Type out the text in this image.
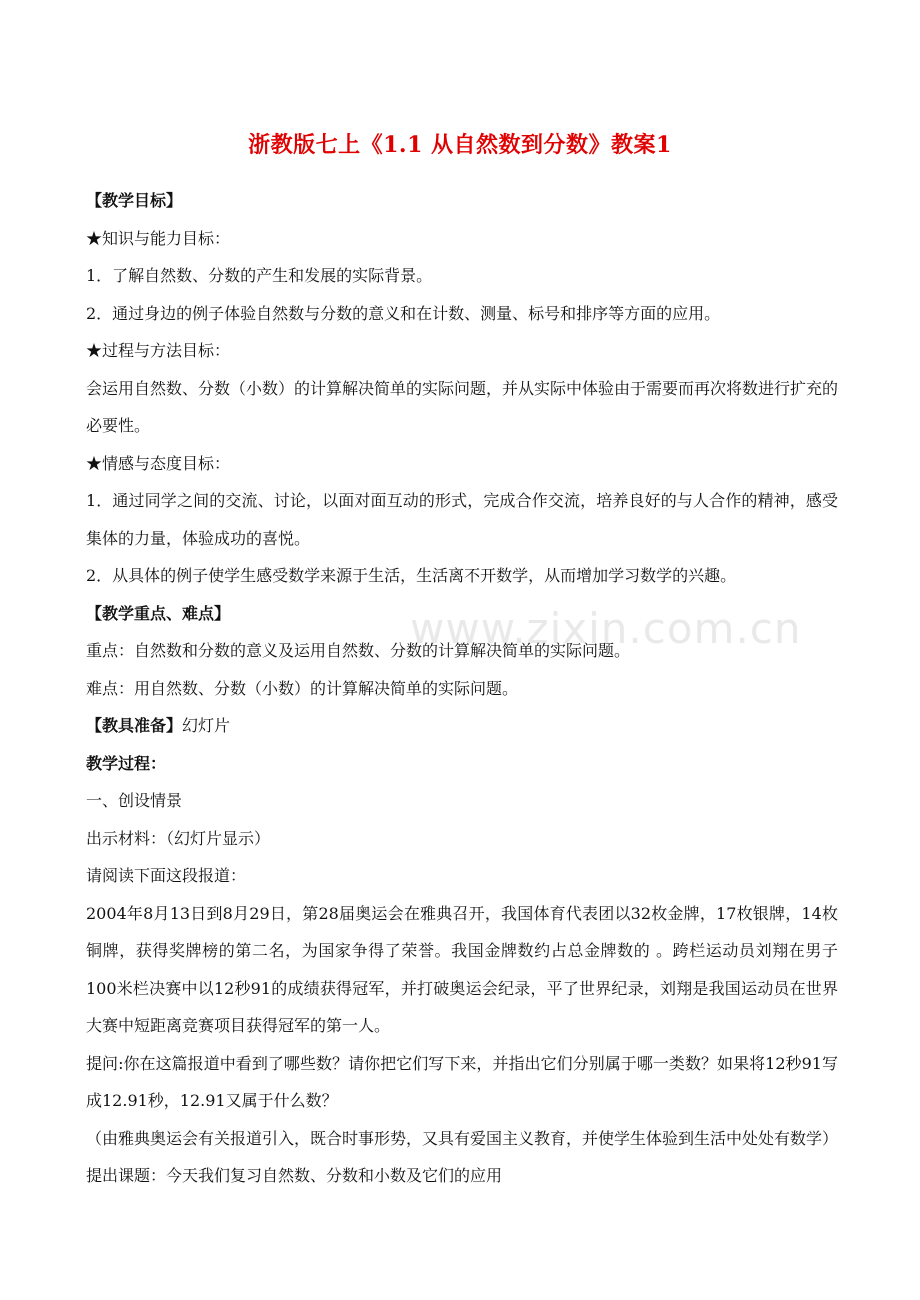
浙教版七上《1.1 从自然数到分数》教案1

【教学目标】

★知识与能力目标：

1．了解自然数、分数的产生和发展的实际背景。

2．通过身边的例子体验自然数与分数的意义和在计数、测量、标号和排序等方面的应用。

★过程与方法目标：

会运用自然数、分数（小数）的计算解决简单的实际问题，并从实际中体验由于需要而再次将数进行扩充的必要性。

★情感与态度目标：

1．通过同学之间的交流、讨论，以面对面互动的形式，完成合作交流，培养良好的与人合作的精神，感受集体的力量，体验成功的喜悦。

2．从具体的例子使学生感受数学来源于生活，生活离不开数学，从而增加学习数学的兴趣。

【教学重点、难点】

重点：自然数和分数的意义及运用自然数、分数的计算解决简单的实际问题。

难点：用自然数、分数（小数）的计算解决简单的实际问题。

【教具准备】幻灯片

教学过程：

一、创设情景

出示材料：（幻灯片显示）

请阅读下面这段报道：

2004年8月13日到8月29日，第28届奥运会在雅典召开，我国体育代表团以32枚金牌，17枚银牌，14枚铜牌，获得奖牌榜的第二名，为国家争得了荣誉。我国金牌数约占总金牌数的 。跨栏运动员刘翔在男子100米栏决赛中以12秒91的成绩获得冠军，并打破奥运会纪录，平了世界纪录，刘翔是我国运动员在世界大赛中短距离竞赛项目获得冠军的第一人。

提问:你在这篇报道中看到了哪些数？请你把它们写下来，并指出它们分别属于哪一类数？如果将12秒91写成12.91秒，12.91又属于什么数？

（由雅典奥运会有关报道引入，既合时事形势，又具有爱国主义教育，并使学生体验到生活中处处有数学）

提出课题：今天我们复习自然数、分数和小数及它们的应用

www.zixin.com.cn
